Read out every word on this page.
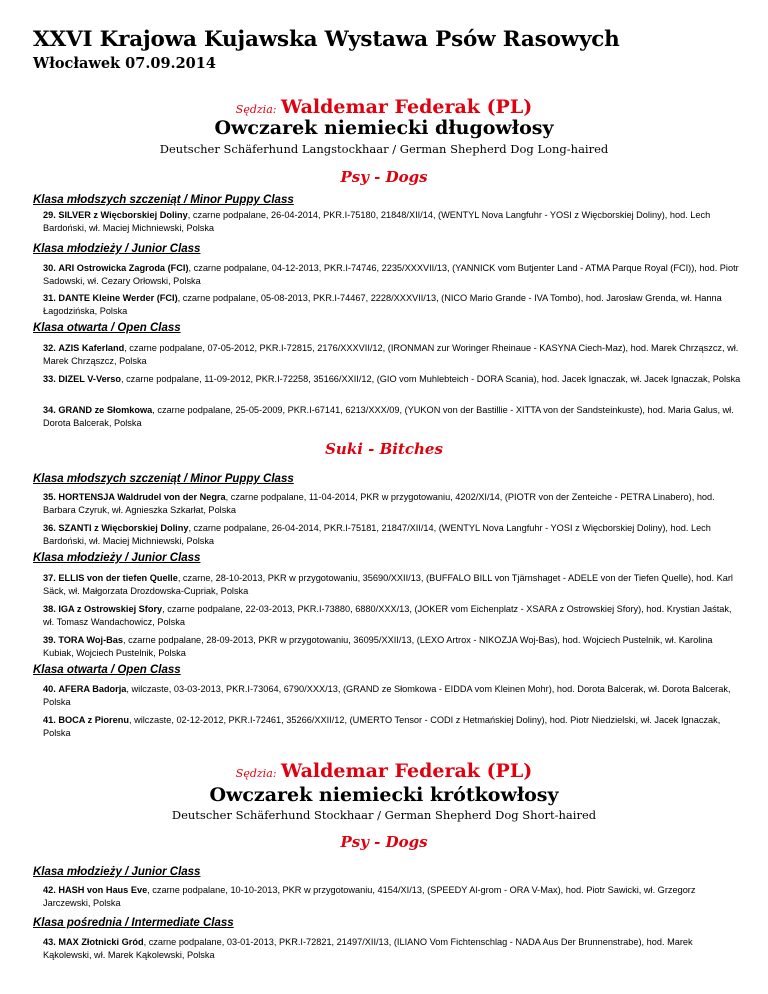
XXVI Krajowa Kujawska Wystawa Psów Rasowych
Włocławek 07.09.2014
Sędzia: Waldemar Federak (PL)
Owczarek niemiecki długowłosy
Deutscher Schäferhund Langstockhaar / German Shepherd Dog Long-haired
Psy - Dogs
Klasa młodszych szczeniąt / Minor Puppy Class
29. SILVER z Więcborskiej Doliny, czarne podpalane, 26-04-2014, PKR.I-75180, 21848/XII/14, (WENTYL Nova Langfuhr - YOSI z Więcborskiej Doliny), hod. Lech Bardoński, wł. Maciej Michniewski, Polska
Klasa młodzieży / Junior Class
30. ARI Ostrowicka Zagroda (FCI), czarne podpalane, 04-12-2013, PKR.I-74746, 2235/XXXVII/13, (YANNICK vom Butjenter Land - ATMA Parque Royal (FCI)), hod. Piotr Sadowski, wł. Cezary Orłowski, Polska
31. DANTE Kleine Werder (FCI), czarne podpalane, 05-08-2013, PKR.I-74467, 2228/XXXVII/13, (NICO Mario Grande - IVA Tombo), hod. Jarosław Grenda, wł. Hanna Łagodzińska, Polska
Klasa otwarta / Open Class
32. AZIS Kaferland, czarne podpalane, 07-05-2012, PKR.I-72815, 2176/XXXVII/12, (IRONMAN zur Woringer Rheinaue - KASYNA Ciech-Maz), hod. Marek Chrząszcz, wł. Marek Chrząszcz, Polska
33. DIZEL V-Verso, czarne podpalane, 11-09-2012, PKR.I-72258, 35166/XXII/12, (GIO vom Muhlebteich - DORA Scania), hod. Jacek Ignaczak, wł. Jacek Ignaczak, Polska
34. GRAND ze Słomkowa, czarne podpalane, 25-05-2009, PKR.I-67141, 6213/XXX/09, (YUKON von der Bastillie - XITTA von der Sandsteinkuste), hod. Maria Galus, wł. Dorota Balcerak, Polska
Suki - Bitches
Klasa młodszych szczeniąt / Minor Puppy Class
35. HORTENSJA Waldrudel von der Negra, czarne podpalane, 11-04-2014, PKR w przygotowaniu, 4202/XI/14, (PIOTR von der Zenteiche - PETRA Linabero), hod. Barbara Czyruk, wł. Agnieszka Szkarłat, Polska
36. SZANTI z Więcborskiej Doliny, czarne podpalane, 26-04-2014, PKR.I-75181, 21847/XII/14, (WENTYL Nova Langfuhr - YOSI z Więcborskiej Doliny), hod. Lech Bardoński, wł. Maciej Michniewski, Polska
Klasa młodzieży / Junior Class
37. ELLIS von der tiefen Quelle, czarne, 28-10-2013, PKR w przygotowaniu, 35690/XXII/13, (BUFFALO BILL von Tjärnshaget - ADELE von der Tiefen Quelle), hod. Karl Säck, wł. Małgorzata Drozdowska-Cupriak, Polska
38. IGA z Ostrowskiej Sfory, czarne podpalane, 22-03-2013, PKR.I-73880, 6880/XXX/13, (JOKER vom Eichenplatz - XSARA z Ostrowskiej Sfory), hod. Krystian Jaśtak, wł. Tomasz Wandachowicz, Polska
39. TORA Woj-Bas, czarne podpalane, 28-09-2013, PKR w przygotowaniu, 36095/XXII/13, (LEXO Artrox - NIKOZJA Woj-Bas), hod. Wojciech Pustelnik, wł. Karolina Kubiak, Wojciech Pustelnik, Polska
Klasa otwarta / Open Class
40. AFERA Badorja, wilczaste, 03-03-2013, PKR.I-73064, 6790/XXX/13, (GRAND ze Słomkowa - EIDDA vom Kleinen Mohr), hod. Dorota Balcerak, wł. Dorota Balcerak, Polska
41. BOCA z Piorenu, wilczaste, 02-12-2012, PKR.I-72461, 35266/XXII/12, (UMERTO Tensor - CODI z Hetmańskiej Doliny), hod. Piotr Niedzielski, wł. Jacek Ignaczak, Polska
Sędzia: Waldemar Federak (PL)
Owczarek niemiecki krótkowłosy
Deutscher Schäferhund Stockhaar / German Shepherd Dog Short-haired
Psy - Dogs
Klasa młodzieży / Junior Class
42. HASH von Haus Eve, czarne podpalane, 10-10-2013, PKR w przygotowaniu, 4154/XI/13, (SPEEDY Al-grom - ORA V-Max), hod. Piotr Sawicki, wł. Grzegorz Jarczewski, Polska
Klasa pośrednia / Intermediate Class
43. MAX Złotnicki Gród, czarne podpalane, 03-01-2013, PKR.I-72821, 21497/XII/13, (ILIANO Vom Fichtenschlag - NADA Aus Der Brunnenstrabe), hod. Marek Kąkolewski, wł. Marek Kąkolewski, Polska
